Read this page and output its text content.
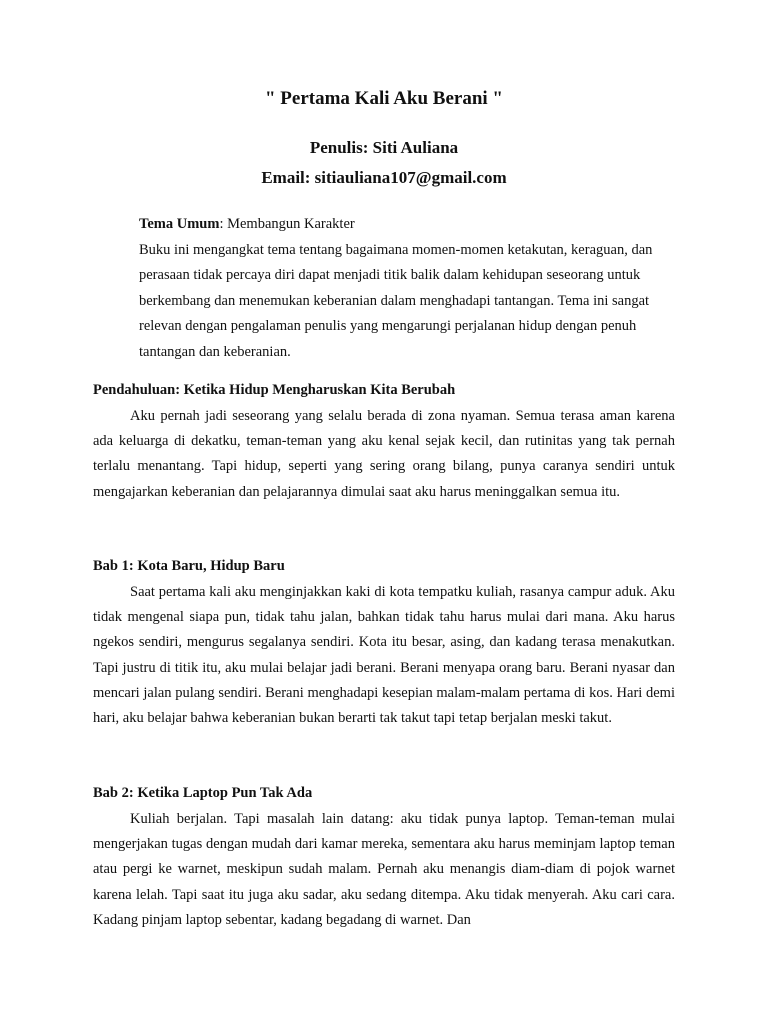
" Pertama Kali Aku Berani "

Penulis: Siti Auliana

Email: sitiauliana107@gmail.com

Tema Umum: Membangun Karakter
Buku ini mengangkat tema tentang bagaimana momen-momen ketakutan, keraguan, dan perasaan tidak percaya diri dapat menjadi titik balik dalam kehidupan seseorang untuk berkembang dan menemukan keberanian dalam menghadapi tantangan. Tema ini sangat relevan dengan pengalaman penulis yang mengarungi perjalanan hidup dengan penuh tantangan dan keberanian.

Pendahuluan: Ketika Hidup Mengharuskan Kita Berubah

Aku pernah jadi seseorang yang selalu berada di zona nyaman. Semua terasa aman karena ada keluarga di dekatku, teman-teman yang aku kenal sejak kecil, dan rutinitas yang tak pernah terlalu menantang. Tapi hidup, seperti yang sering orang bilang, punya caranya sendiri untuk mengajarkan keberanian dan pelajarannya dimulai saat aku harus meninggalkan semua itu.

Bab 1: Kota Baru, Hidup Baru

Saat pertama kali aku menginjakkan kaki di kota tempatku kuliah, rasanya campur aduk. Aku tidak mengenal siapa pun, tidak tahu jalan, bahkan tidak tahu harus mulai dari mana. Aku harus ngekos sendiri, mengurus segalanya sendiri. Kota itu besar, asing, dan kadang terasa menakutkan. Tapi justru di titik itu, aku mulai belajar jadi berani. Berani menyapa orang baru. Berani nyasar dan mencari jalan pulang sendiri. Berani menghadapi kesepian malam-malam pertama di kos. Hari demi hari, aku belajar bahwa keberanian bukan berarti tak takut tapi tetap berjalan meski takut.

Bab 2: Ketika Laptop Pun Tak Ada

Kuliah berjalan. Tapi masalah lain datang: aku tidak punya laptop. Teman-teman mulai mengerjakan tugas dengan mudah dari kamar mereka, sementara aku harus meminjam laptop teman atau pergi ke warnet, meskipun sudah malam. Pernah aku menangis diam-diam di pojok warnet karena lelah. Tapi saat itu juga aku sadar, aku sedang ditempa. Aku tidak menyerah. Aku cari cara. Kadang pinjam laptop sebentar, kadang begadang di warnet. Dan
